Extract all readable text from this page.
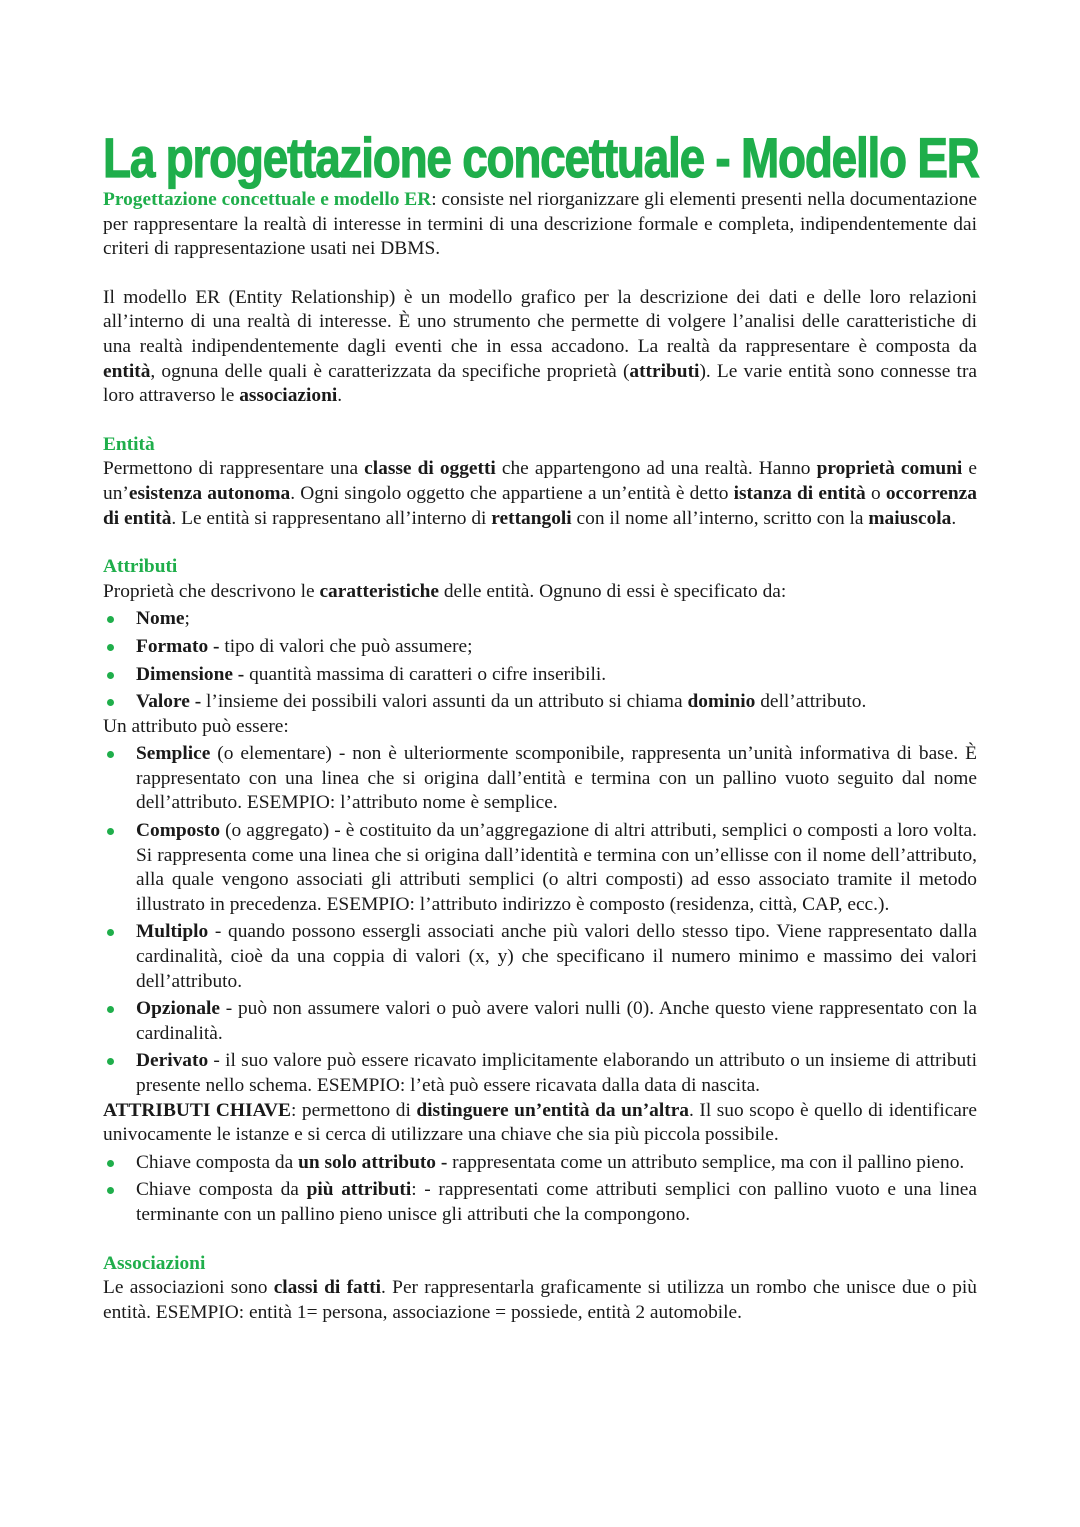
La progettazione concettuale - Modello ER

Progettazione concettuale e modello ER: consiste nel riorganizzare gli elementi presenti nella documentazione per rappresentare la realtà di interesse in termini di una descrizione formale e completa, indipendentemente dai criteri di rappresentazione usati nei DBMS.

Il modello ER (Entity Relationship) è un modello grafico per la descrizione dei dati e delle loro relazioni all’interno di una realtà di interesse. È uno strumento che permette di volgere l’analisi delle caratteristiche di una realtà indipendentemente dagli eventi che in essa accadono. La realtà da rappresentare è composta da entità, ognuna delle quali è caratterizzata da specifiche proprietà (attributi). Le varie entità sono connesse tra loro attraverso le associazioni.

Entità

Permettono di rappresentare una classe di oggetti che appartengono ad una realtà. Hanno proprietà comuni e un’esistenza autonoma. Ogni singolo oggetto che appartiene a un’entità è detto istanza di entità o occorrenza di entità. Le entità si rappresentano all’interno di rettangoli con il nome all’interno, scritto con la maiuscola.

Attributi

Proprietà che descrivono le caratteristiche delle entità. Ognuno di essi è specificato da:

Nome;

Formato - tipo di valori che può assumere;

Dimensione - quantità massima di caratteri o cifre inseribili.

Valore - l’insieme dei possibili valori assunti da un attributo si chiama dominio dell’attributo.

Un attributo può essere:

Semplice (o elementare) - non è ulteriormente scomponibile, rappresenta un’unità informativa di base. È rappresentato con una linea che si origina dall’entità e termina con un pallino vuoto seguito dal nome dell’attributo. ESEMPIO: l’attributo nome è semplice.

Composto (o aggregato) - è costituito da un’aggregazione di altri attributi, semplici o composti a loro volta. Si rappresenta come una linea che si origina dall’identità e termina con un’ellisse con il nome dell’attributo, alla quale vengono associati gli attributi semplici (o altri composti) ad esso associato tramite il metodo illustrato in precedenza. ESEMPIO: l’attributo indirizzo è composto (residenza, città, CAP, ecc.).

Multiplo - quando possono essergli associati anche più valori dello stesso tipo. Viene rappresentato dalla cardinalità, cioè da una coppia di valori (x, y) che specificano il numero minimo e massimo dei valori dell’attributo.

Opzionale - può non assumere valori o può avere valori nulli (0). Anche questo viene rappresentato con la cardinalità.

Derivato - il suo valore può essere ricavato implicitamente elaborando un attributo o un insieme di attributi presente nello schema. ESEMPIO: l’età può essere ricavata dalla data di nascita.

ATTRIBUTI CHIAVE: permettono di distinguere un’entità da un’altra. Il suo scopo è quello di identificare univocamente le istanze e si cerca di utilizzare una chiave che sia più piccola possibile.

Chiave composta da un solo attributo - rappresentata come un attributo semplice, ma con il pallino pieno.

Chiave composta da più attributi: - rappresentati come attributi semplici con pallino vuoto e una linea terminante con un pallino pieno unisce gli attributi che la compongono.

Associazioni

Le associazioni sono classi di fatti. Per rappresentarla graficamente si utilizza un rombo che unisce due o più entità. ESEMPIO: entità 1= persona, associazione = possiede, entità 2 automobile.
